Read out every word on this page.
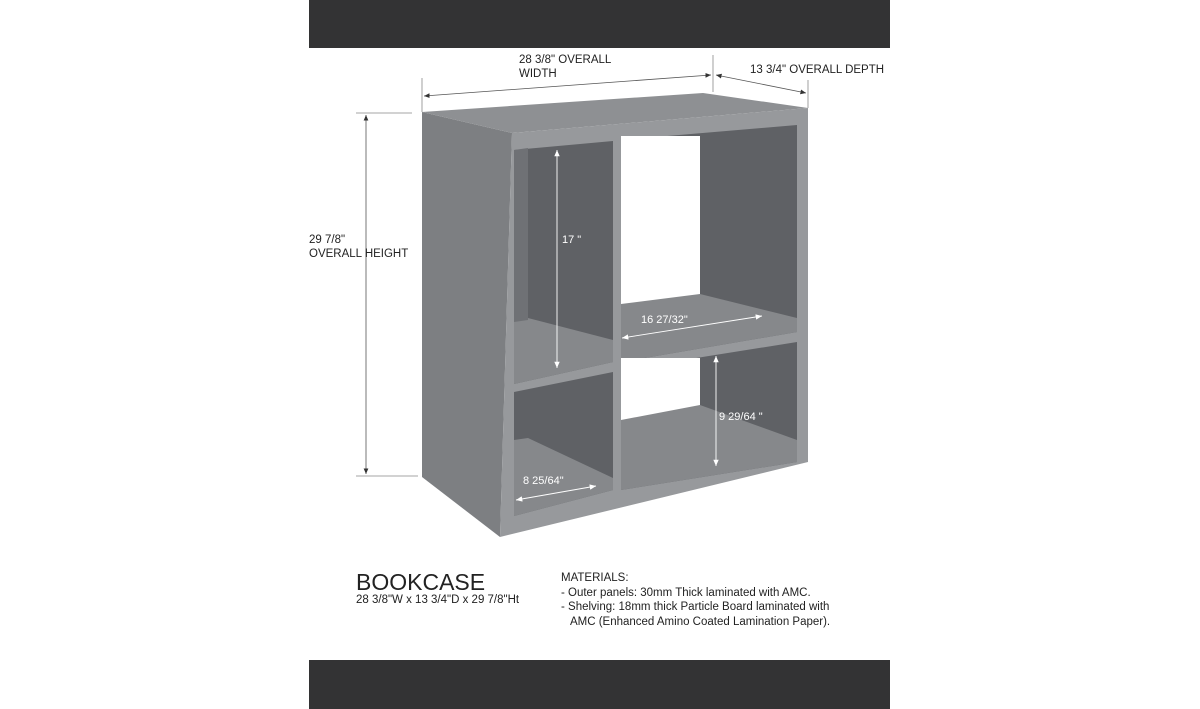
28 3/8" OVERALL
WIDTH	13 3/4" OVERALL DEPTH
29 7/8"
OVERALL HEIGHT
17 "
16 27/32"
9 29/64 "
8 25/64"
BOOKCASE
28 3/8"W x 13 3/4"D x 29 7/8"Ht
MATERIALS:
- Outer panels: 30mm Thick laminated with AMC.
- Shelving: 18mm thick Particle Board laminated with
AMC (Enhanced Amino Coated Lamination Paper).
